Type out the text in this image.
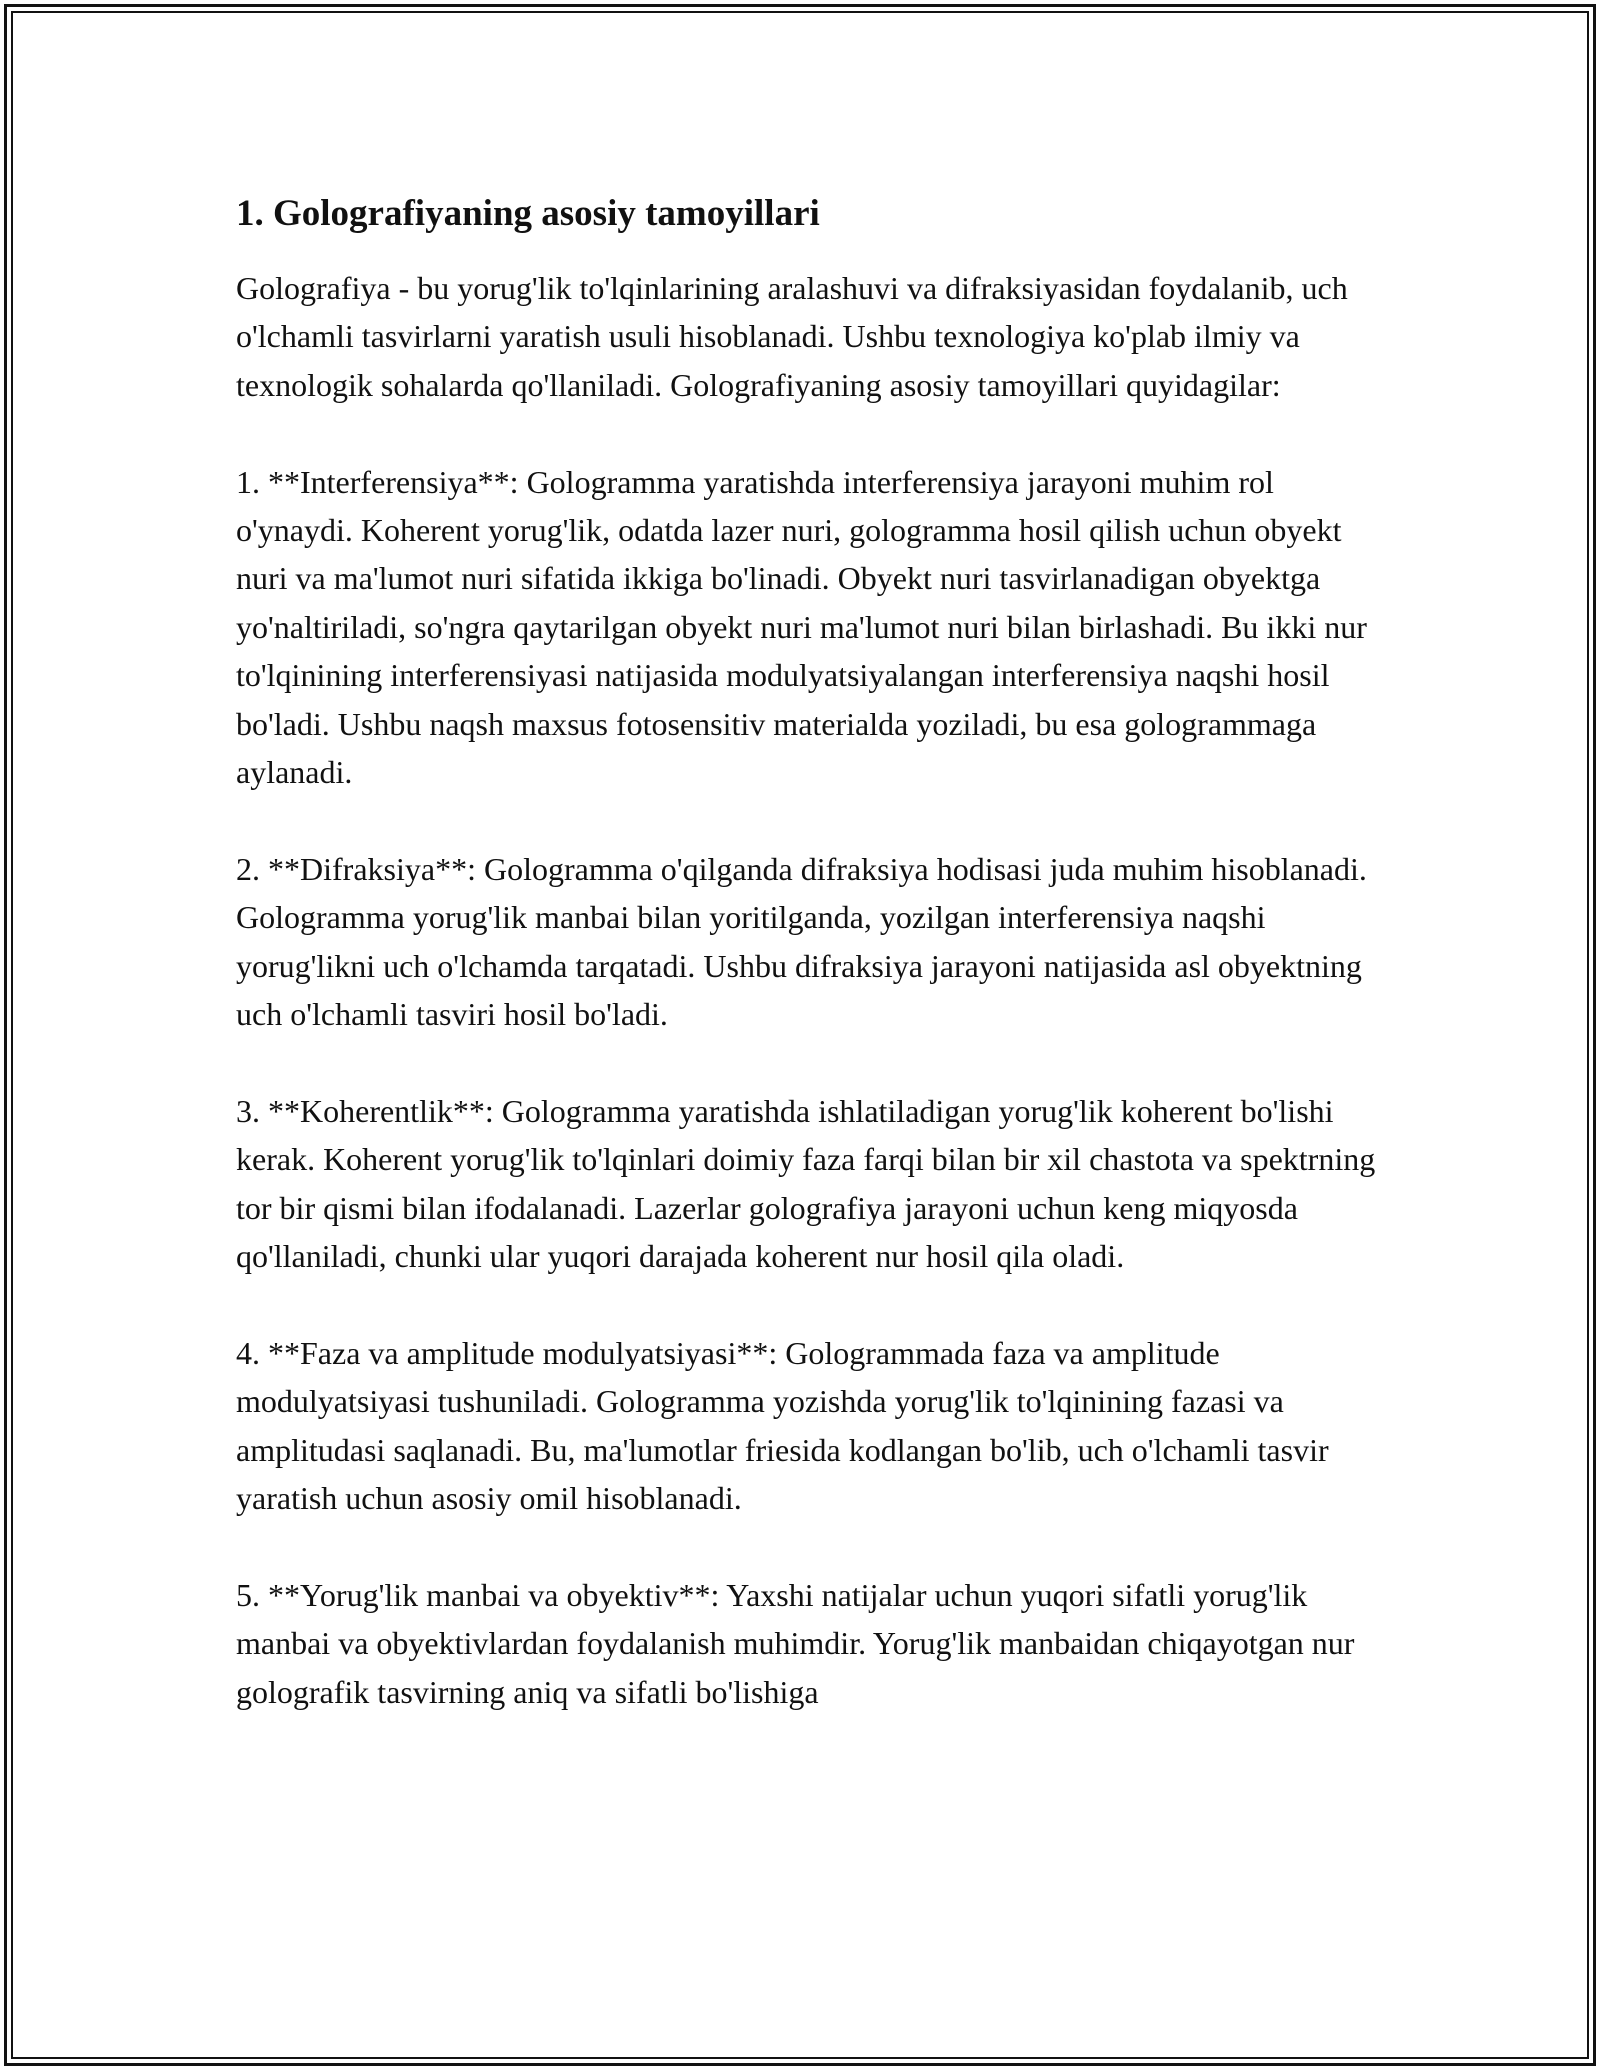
1. Golografiyaning asosiy tamoyillari

Golografiya - bu yorug'lik to'lqinlarining aralashuvi va difraksiyasidan foydalanib, uch o'lchamli tasvirlarni yaratish usuli hisoblanadi. Ushbu texnologiya ko'plab ilmiy va texnologik sohalarda qo'llaniladi. Golografiyaning asosiy tamoyillari quyidagilar:

1. **Interferensiya**: Gologramma yaratishda interferensiya jarayoni muhim rol o'ynaydi. Koherent yorug'lik, odatda lazer nuri, gologramma hosil qilish uchun obyekt nuri va ma'lumot nuri sifatida ikkiga bo'linadi. Obyekt nuri tasvirlanadigan obyektga yo'naltiriladi, so'ngra qaytarilgan obyekt nuri ma'lumot nuri bilan birlashadi. Bu ikki nur to'lqinining interferensiyasi natijasida modulyatsiyalangan interferensiya naqshi hosil bo'ladi. Ushbu naqsh maxsus fotosensitiv materialda yoziladi, bu esa gologrammaga aylanadi.

2. **Difraksiya**: Gologramma o'qilganda difraksiya hodisasi juda muhim hisoblanadi. Gologramma yorug'lik manbai bilan yoritilganda, yozilgan interferensiya naqshi yorug'likni uch o'lchamda tarqatadi. Ushbu difraksiya jarayoni natijasida asl obyektning uch o'lchamli tasviri hosil bo'ladi.

3. **Koherentlik**: Gologramma yaratishda ishlatiladigan yorug'lik koherent bo'lishi kerak. Koherent yorug'lik to'lqinlari doimiy faza farqi bilan bir xil chastota va spektrning tor bir qismi bilan ifodalanadi. Lazerlar golografiya jarayoni uchun keng miqyosda qo'llaniladi, chunki ular yuqori darajada koherent nur hosil qila oladi.

4. **Faza va amplitude modulyatsiyasi**: Gologrammada faza va amplitude modulyatsiyasi tushuniladi. Gologramma yozishda yorug'lik to'lqinining fazasi va amplitudasi saqlanadi. Bu, ma'lumotlar friesida kodlangan bo'lib, uch o'lchamli tasvir yaratish uchun asosiy omil hisoblanadi.

5. **Yorug'lik manbai va obyektiv**: Yaxshi natijalar uchun yuqori sifatli yorug'lik manbai va obyektivlardan foydalanish muhimdir. Yorug'lik manbaidan chiqayotgan nur golografik tasvirning aniq va sifatli bo'lishiga
